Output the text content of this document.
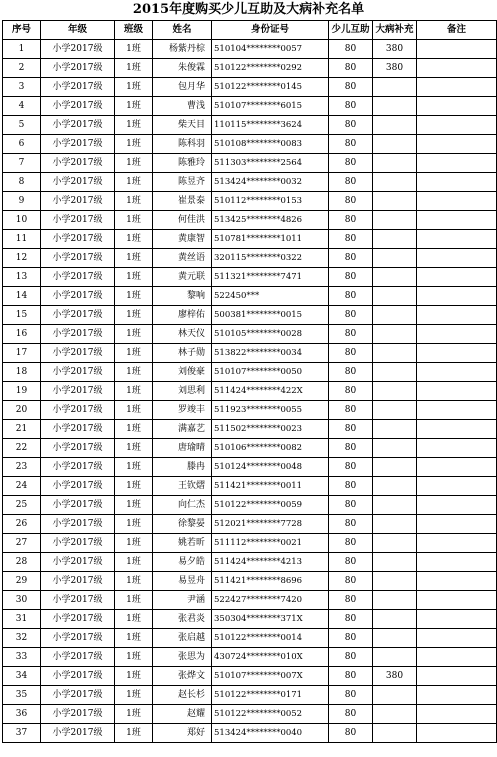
2015年度购买少儿互助及大病补充名单
序号	年级	班级	姓名	身份证号	少儿互助	大病补充	备注
1	小学2017级	1班	杨紫丹棕	510104********0057	80	380	
2	小学2017级	1班	朱俊霖	510122********0292	80	380	
3	小学2017级	1班	包月华	510122********0145	80		
4	小学2017级	1班	曹浅	510107********6015	80		
5	小学2017级	1班	柴天目	110115********3624	80		
6	小学2017级	1班	陈科羽	510108********0083	80		
7	小学2017级	1班	陈雅玲	511303********2564	80		
8	小学2017级	1班	陈昱齐	513424********0032	80		
9	小学2017级	1班	崔景泰	510112********0153	80		
10	小学2017级	1班	何佳洪	513425********4826	80		
11	小学2017级	1班	黄康智	510781********1011	80		
12	小学2017级	1班	黄丝语	320115********0322	80		
13	小学2017级	1班	黄元联	511321********7471	80		
14	小学2017级	1班	黎响	522450***	80		
15	小学2017级	1班	廖梓佑	500381********0015	80		
16	小学2017级	1班	林天仪	510105********0028	80		
17	小学2017级	1班	林子勋	513822********0034	80		
18	小学2017级	1班	刘俊豪	510107********0050	80		
19	小学2017级	1班	刘思利	511424********422X	80		
20	小学2017级	1班	罗竣丰	511923********0055	80		
21	小学2017级	1班	满嘉艺	511502********0023	80		
22	小学2017级	1班	唐瑜晴	510106********0082	80		
23	小学2017级	1班	滕冉	510124********0048	80		
24	小学2017级	1班	王钦熠	511421********0011	80		
25	小学2017级	1班	向仁杰	510122********0059	80		
26	小学2017级	1班	徐黎晏	512021********7728	80		
27	小学2017级	1班	姚若昕	511112********0021	80		
28	小学2017级	1班	易夕皓	511424********4213	80		
29	小学2017级	1班	易昱舟	511421********8696	80		
30	小学2017级	1班	尹涵	522427********7420	80		
31	小学2017级	1班	张君炎	350304********371X	80		
32	小学2017级	1班	张启越	510122********0014	80		
33	小学2017级	1班	张思为	430724********010X	80		
34	小学2017级	1班	张烨文	510107********007X	80	380	
35	小学2017级	1班	赵长杉	510122********0171	80		
36	小学2017级	1班	赵耀	510122********0052	80		
37	小学2017级	1班	郑好	513424********0040	80		
